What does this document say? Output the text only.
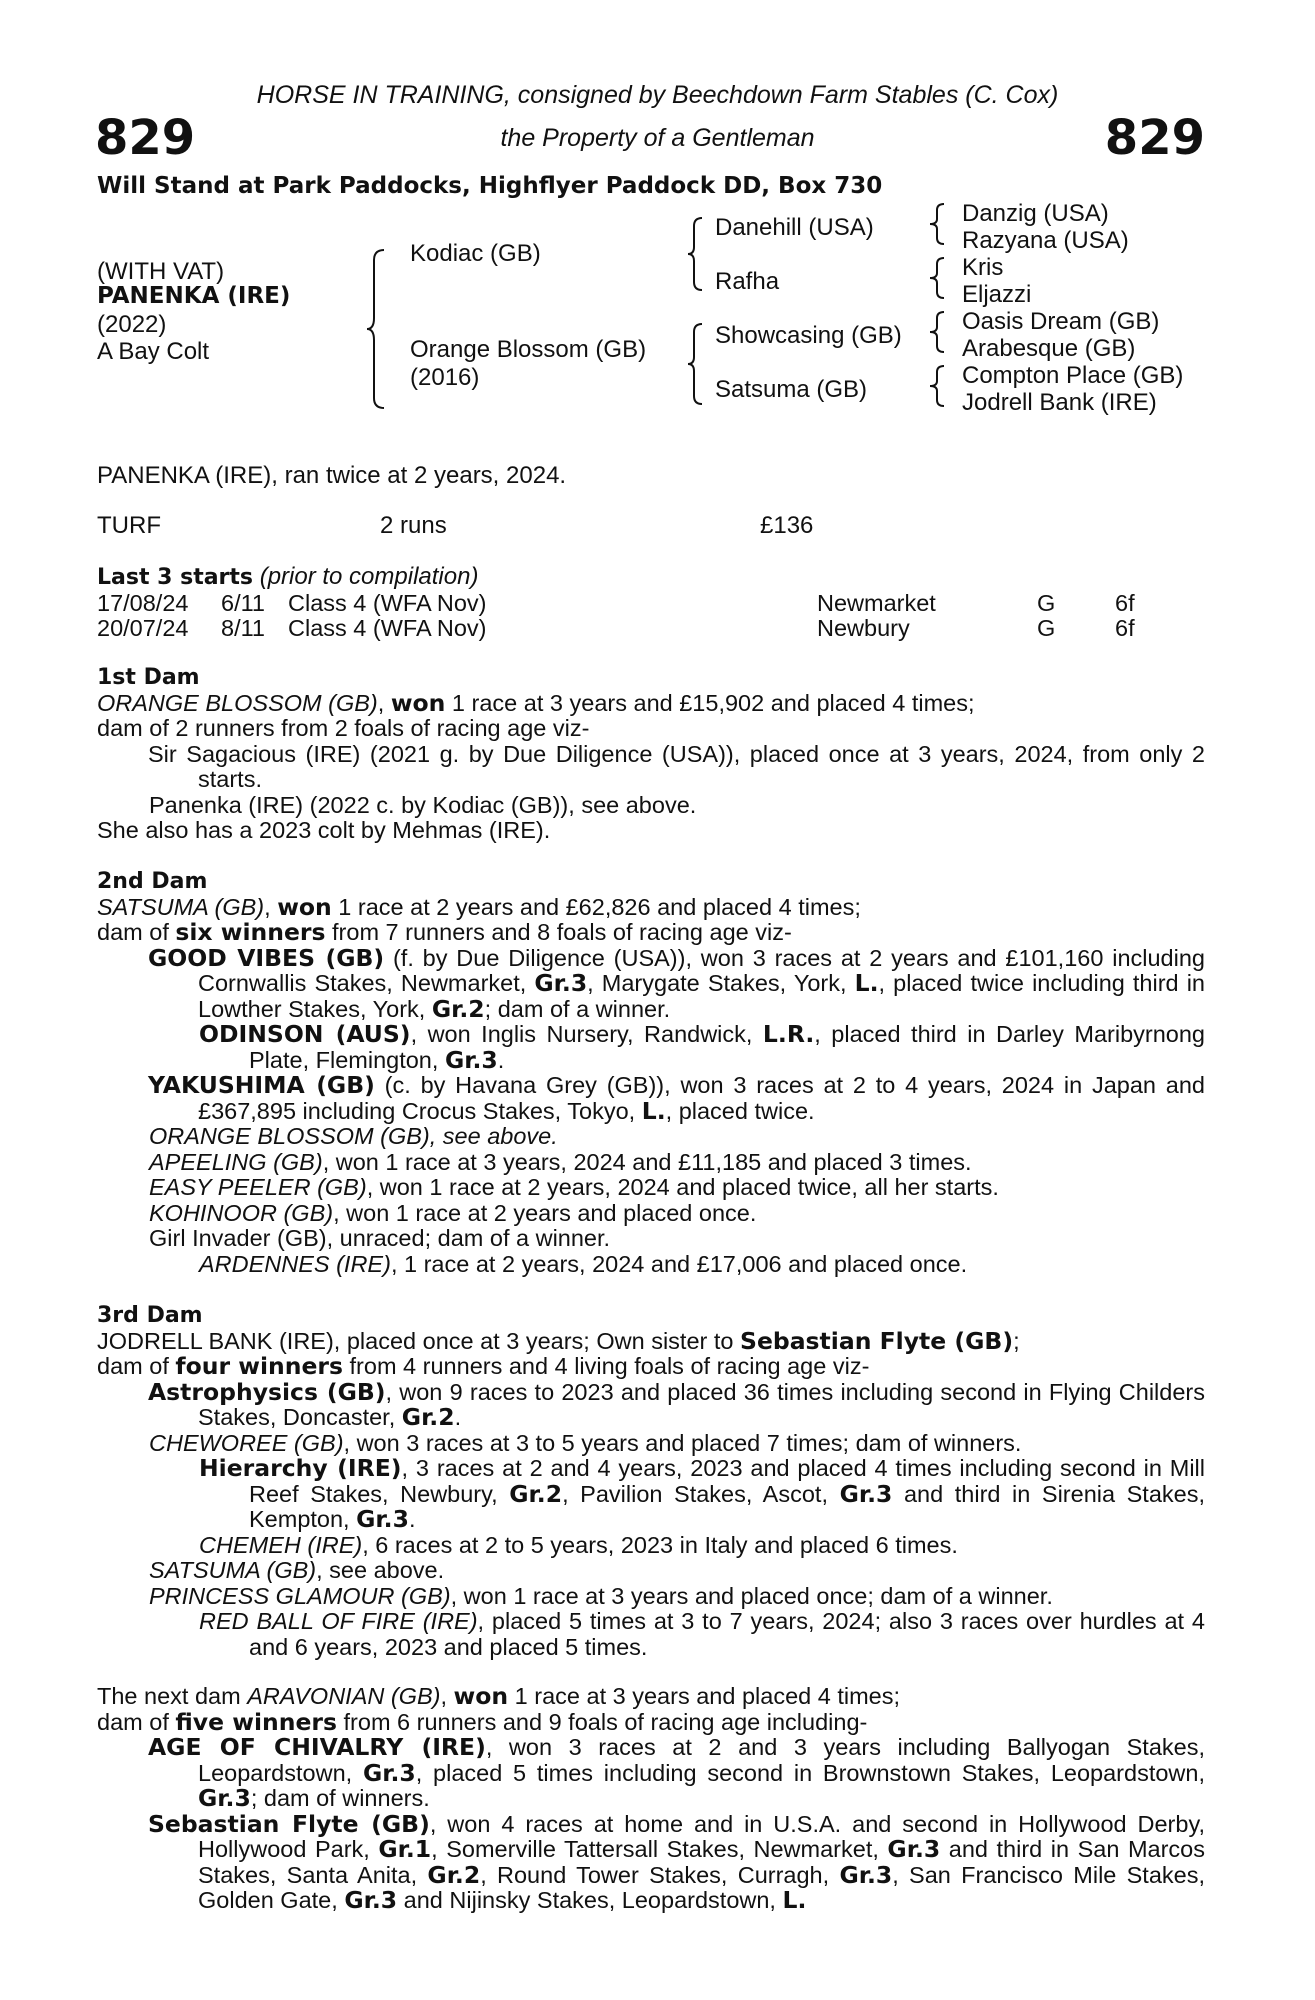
HORSE IN TRAINING, consigned by Beechdown Farm Stables (C. Cox)
the Property of a Gentleman
829	829
Will Stand at Park Paddocks, Highflyer Paddock DD, Box 730
(WITH VAT)
PANENKA (IRE)
(2022)
A Bay Colt
Kodiac (GB)
Orange Blossom (GB)
(2016)
Danehill (USA)
Rafha
Showcasing (GB)
Satsuma (GB)
Danzig (USA)
Razyana (USA)
Kris
Eljazzi
Oasis Dream (GB)
Arabesque (GB)
Compton Place (GB)
Jodrell Bank (IRE)
PANENKA (IRE), ran twice at 2 years, 2024.
TURF	2 runs	£136
Last 3 starts (prior to compilation)
17/08/24 6/11 Class 4 (WFA Nov)	Newmarket	G	6f
20/07/24 8/11 Class 4 (WFA Nov)	Newbury	G	6f

1st Dam

ORANGE BLOSSOM (GB), won 1 race at 3 years and £15,902 and placed 4 times;

dam of 2 runners from 2 foals of racing age viz-

Sir Sagacious (IRE) (2021 g. by Due Diligence (USA)), placed once at 3 years, 2024, from only 2 starts.

Panenka (IRE) (2022 c. by Kodiac (GB)), see above.

She also has a 2023 colt by Mehmas (IRE).

2nd Dam

SATSUMA (GB), won 1 race at 2 years and £62,826 and placed 4 times;

dam of six winners from 7 runners and 8 foals of racing age viz-

GOOD VIBES (GB) (f. by Due Diligence (USA)), won 3 races at 2 years and £101,160 including Cornwallis Stakes, Newmarket, Gr.3, Marygate Stakes, York, L., placed twice including third in Lowther Stakes, York, Gr.2; dam of a winner.

ODINSON (AUS), won Inglis Nursery, Randwick, L.R., placed third in Darley Maribyrnong Plate, Flemington, Gr.3.

YAKUSHIMA (GB) (c. by Havana Grey (GB)), won 3 races at 2 to 4 years, 2024 in Japan and £367,895 including Crocus Stakes, Tokyo, L., placed twice.

ORANGE BLOSSOM (GB), see above.

APEELING (GB), won 1 race at 3 years, 2024 and £11,185 and placed 3 times.

EASY PEELER (GB), won 1 race at 2 years, 2024 and placed twice, all her starts.

KOHINOOR (GB), won 1 race at 2 years and placed once.

Girl Invader (GB), unraced; dam of a winner.

ARDENNES (IRE), 1 race at 2 years, 2024 and £17,006 and placed once.

3rd Dam

JODRELL BANK (IRE), placed once at 3 years; Own sister to Sebastian Flyte (GB);

dam of four winners from 4 runners and 4 living foals of racing age viz-

Astrophysics (GB), won 9 races to 2023 and placed 36 times including second in Flying Childers Stakes, Doncaster, Gr.2.

CHEWOREE (GB), won 3 races at 3 to 5 years and placed 7 times; dam of winners.

Hierarchy (IRE), 3 races at 2 and 4 years, 2023 and placed 4 times including second in Mill Reef Stakes, Newbury, Gr.2, Pavilion Stakes, Ascot, Gr.3 and third in Sirenia Stakes, Kempton, Gr.3.

CHEMEH (IRE), 6 races at 2 to 5 years, 2023 in Italy and placed 6 times.

SATSUMA (GB), see above.

PRINCESS GLAMOUR (GB), won 1 race at 3 years and placed once; dam of a winner.

RED BALL OF FIRE (IRE), placed 5 times at 3 to 7 years, 2024; also 3 races over hurdles at 4 and 6 years, 2023 and placed 5 times.

The next dam ARAVONIAN (GB), won 1 race at 3 years and placed 4 times;

dam of five winners from 6 runners and 9 foals of racing age including-

AGE OF CHIVALRY (IRE), won 3 races at 2 and 3 years including Ballyogan Stakes, Leopardstown, Gr.3, placed 5 times including second in Brownstown Stakes, Leopardstown, Gr.3; dam of winners.

Sebastian Flyte (GB), won 4 races at home and in U.S.A. and second in Hollywood Derby, Hollywood Park, Gr.1, Somerville Tattersall Stakes, Newmarket, Gr.3 and third in San Marcos Stakes, Santa Anita, Gr.2, Round Tower Stakes, Curragh, Gr.3, San Francisco Mile Stakes, Golden Gate, Gr.3 and Nijinsky Stakes, Leopardstown, L.
